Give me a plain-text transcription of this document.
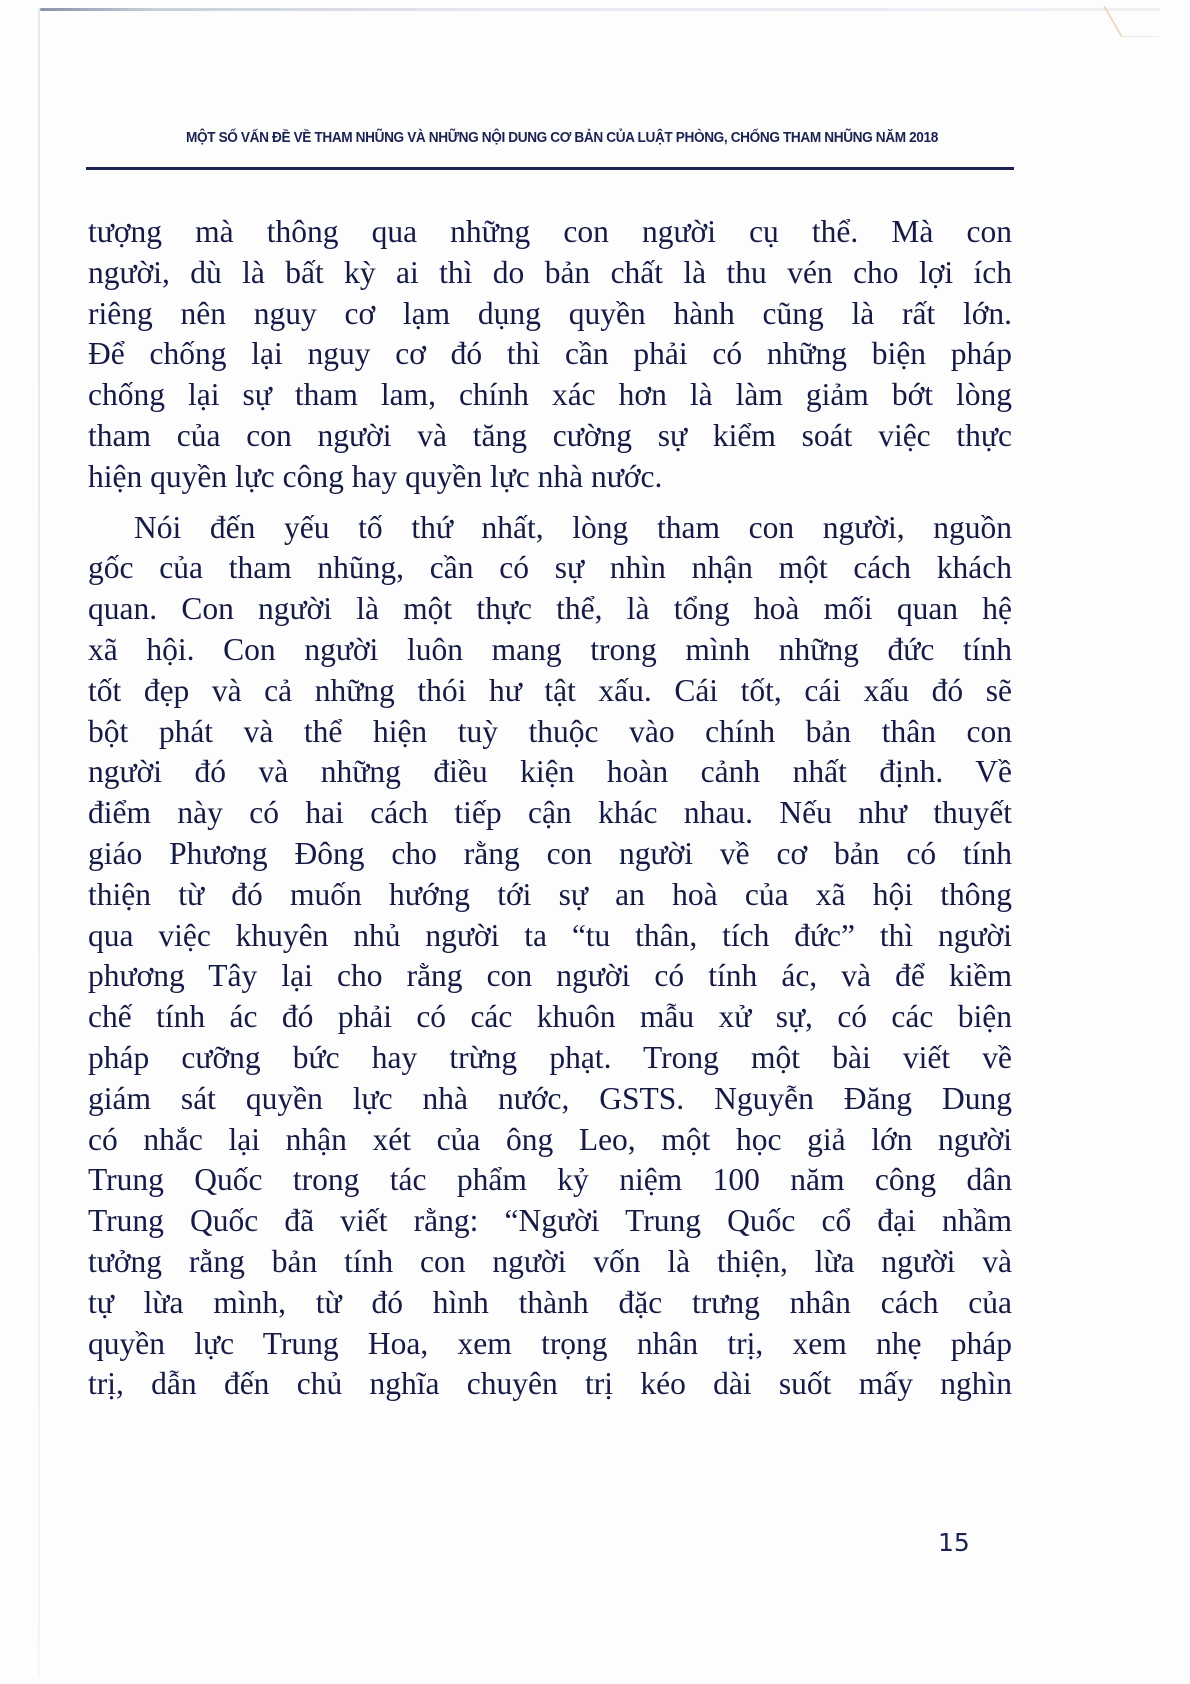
MỘT SỐ VẤN ĐỀ VỀ THAM NHŨNG VÀ NHỮNG NỘI DUNG CƠ BẢN CỦA LUẬT PHÒNG, CHỐNG THAM NHŨNG NĂM 2018
tượng mà thông qua những con người cụ thể. Mà con
người, dù là bất kỳ ai thì do bản chất là thu vén cho lợi ích
riêng nên nguy cơ lạm dụng quyền hành cũng là rất lớn.
Để chống lại nguy cơ đó thì cần phải có những biện pháp
chống lại sự tham lam, chính xác hơn là làm giảm bớt lòng
tham của con người và tăng cường sự kiểm soát việc thực
hiện quyền lực công hay quyền lực nhà nước.
Nói đến yếu tố thứ nhất, lòng tham con người, nguồn
gốc của tham nhũng, cần có sự nhìn nhận một cách khách
quan. Con người là một thực thể, là tổng hoà mối quan hệ
xã hội. Con người luôn mang trong mình những đức tính
tốt đẹp và cả những thói hư tật xấu. Cái tốt, cái xấu đó sẽ
bột phát và thể hiện tuỳ thuộc vào chính bản thân con
người đó và những điều kiện hoàn cảnh nhất định. Về
điểm này có hai cách tiếp cận khác nhau. Nếu như thuyết
giáo Phương Đông cho rằng con người về cơ bản có tính
thiện từ đó muốn hướng tới sự an hoà của xã hội thông
qua việc khuyên nhủ người ta “tu thân, tích đức” thì người
phương Tây lại cho rằng con người có tính ác, và để kiềm
chế tính ác đó phải có các khuôn mẫu xử sự, có các biện
pháp cưỡng bức hay trừng phạt. Trong một bài viết về
giám sát quyền lực nhà nước, GSTS. Nguyễn Đăng Dung
có nhắc lại nhận xét của ông Leo, một học giả lớn người
Trung Quốc trong tác phẩm kỷ niệm 100 năm công dân
Trung Quốc đã viết rằng: “Người Trung Quốc cổ đại nhầm
tưởng rằng bản tính con người vốn là thiện, lừa người và
tự lừa mình, từ đó hình thành đặc trưng nhân cách của
quyền lực Trung Hoa, xem trọng nhân trị, xem nhẹ pháp
trị, dẫn đến chủ nghĩa chuyên trị kéo dài suốt mấy nghìn
15
